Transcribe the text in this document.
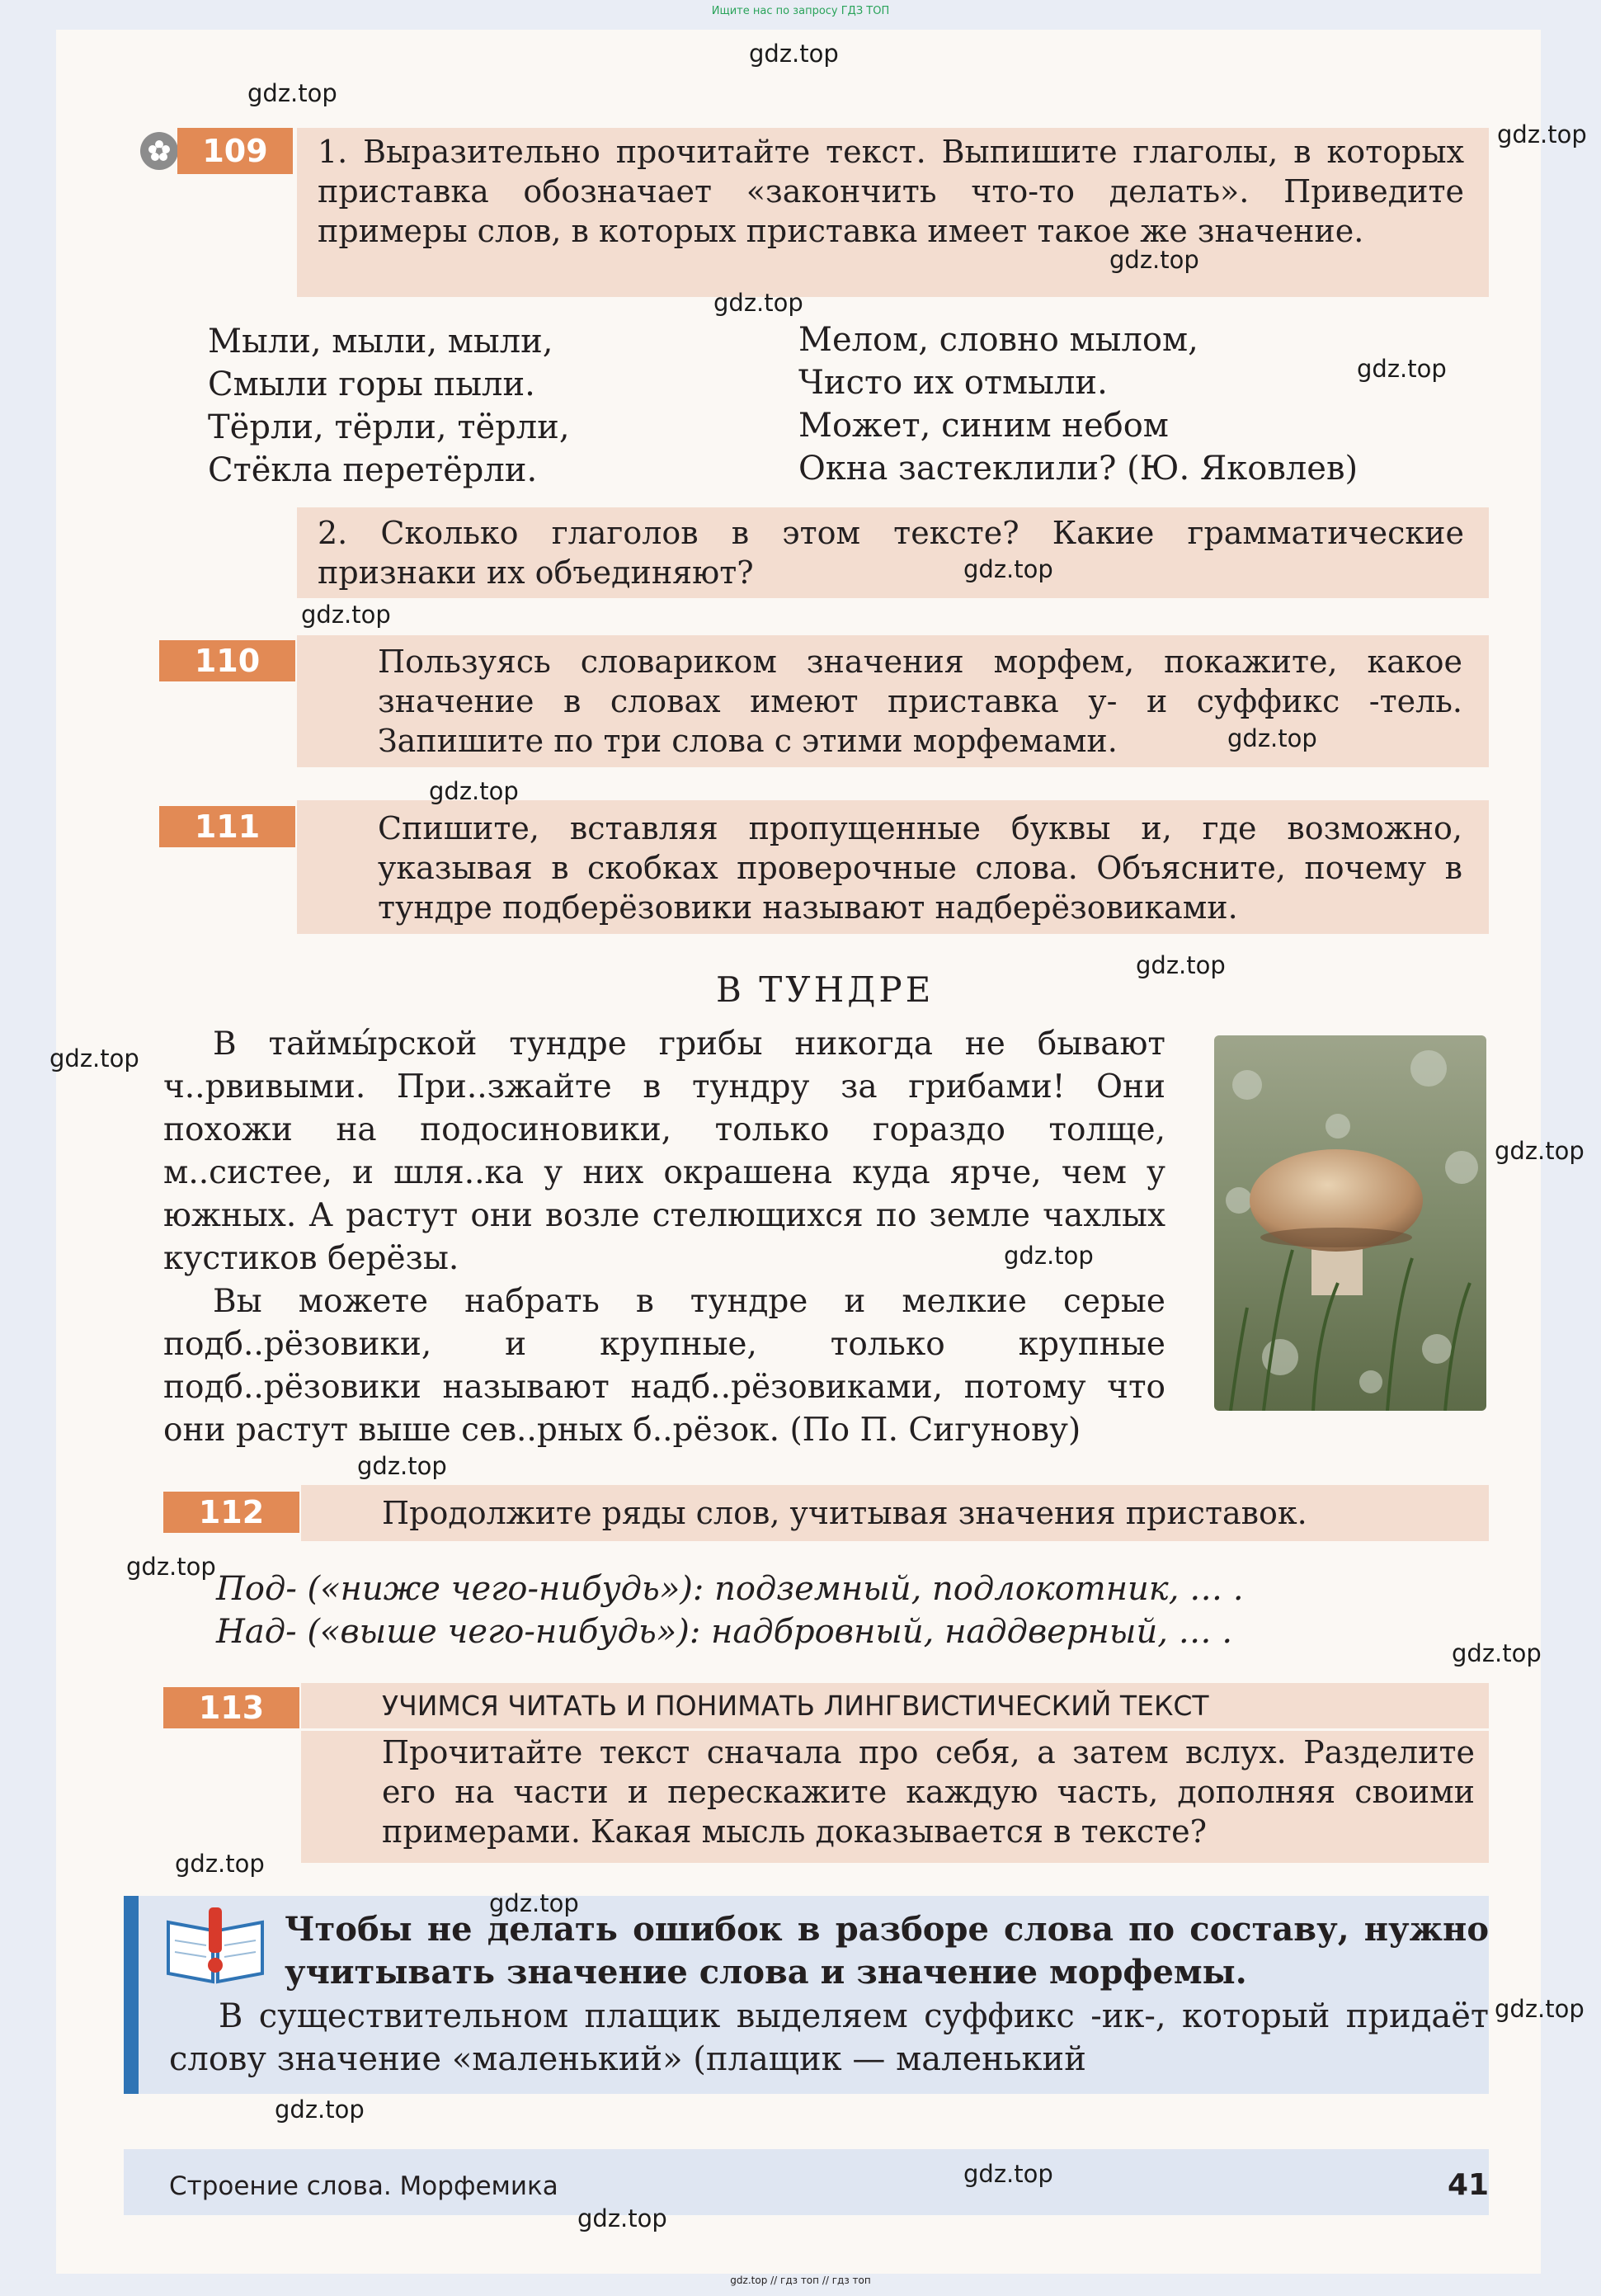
Ищите нас по запросу ГДЗ ТОП
109	1. Выразительно прочитайте текст. Выпишите глаголы, в которых приставка обозначает «закончить что-то делать». Приведите примеры слов, в которых приставка имеет такое же значение.
Мыли, мыли, мыли,
Смыли горы пыли.
Тёрли, тёрли, тёрли,
Стёкла перетёрли.
Мелом, словно мылом,
Чисто их отмыли.
Может, синим небом
Окна застеклили? (Ю. Яковлев)
2. Сколько глаголов в этом тексте? Какие грамматические признаки их объединяют?
110	Пользуясь словариком значения морфем, покажите, какое значение в словах имеют приставка у- и суффикс -тель. Запишите по три слова с этими морфемами.
111	Спишите, вставляя пропущенные буквы и, где возможно, указывая в скобках проверочные слова. Объясните, почему в тундре подберёзовики называют надберёзовиками.
В ТУНДРЕ

В таймы́рской тундре грибы никогда не бывают ч..рвивыми. При..зжайте в тундру за грибами! Они похожи на подосиновики, только гораздо толще, м..систее, и шля..ка у них окрашена куда ярче, чем у южных. А растут они возле стелющихся по земле чахлых кустиков берёзы.

Вы можете набрать в тундре и мелкие серые подб..рёзовики, и крупные, только крупные подб..рёзовики называют надб..рёзовиками, потому что они растут выше сев..рных б..рёзок. (По П. Сигунову)

112	Продолжите ряды слов, учитывая значения приставок.
Под- («ниже чего-нибудь»): подземный, подлокотник, … .
Над- («выше чего-нибудь»): надбровный, наддверный, … .
113	УЧИМСЯ ЧИТАТЬ И ПОНИМАТЬ ЛИНГВИСТИЧЕСКИЙ ТЕКСТ
Прочитайте текст сначала про себя, а затем вслух. Разделите его на части и перескажите каждую часть, дополняя своими примерами. Какая мысль доказывается в тексте?
Чтобы не делать ошибок в разборе слова по составу, нужно учитывать значение слова и значение морфемы.
В существительном плащик выделяем суффикс -ик-, который придаёт слову значение «маленький» (плащик — маленький
Строение слова. Морфемика	41
gdz.top
gdz.top
gdz.top
gdz.top
gdz.top
gdz.top
gdz.top
gdz.top
gdz.top
gdz.top
gdz.top
gdz.top
gdz.top
gdz.top
gdz.top
gdz.top
gdz.top
gdz.top
gdz.top
gdz.top
gdz.top
gdz.top
gdz.top
gdz.top // гдз топ // гдз топ
